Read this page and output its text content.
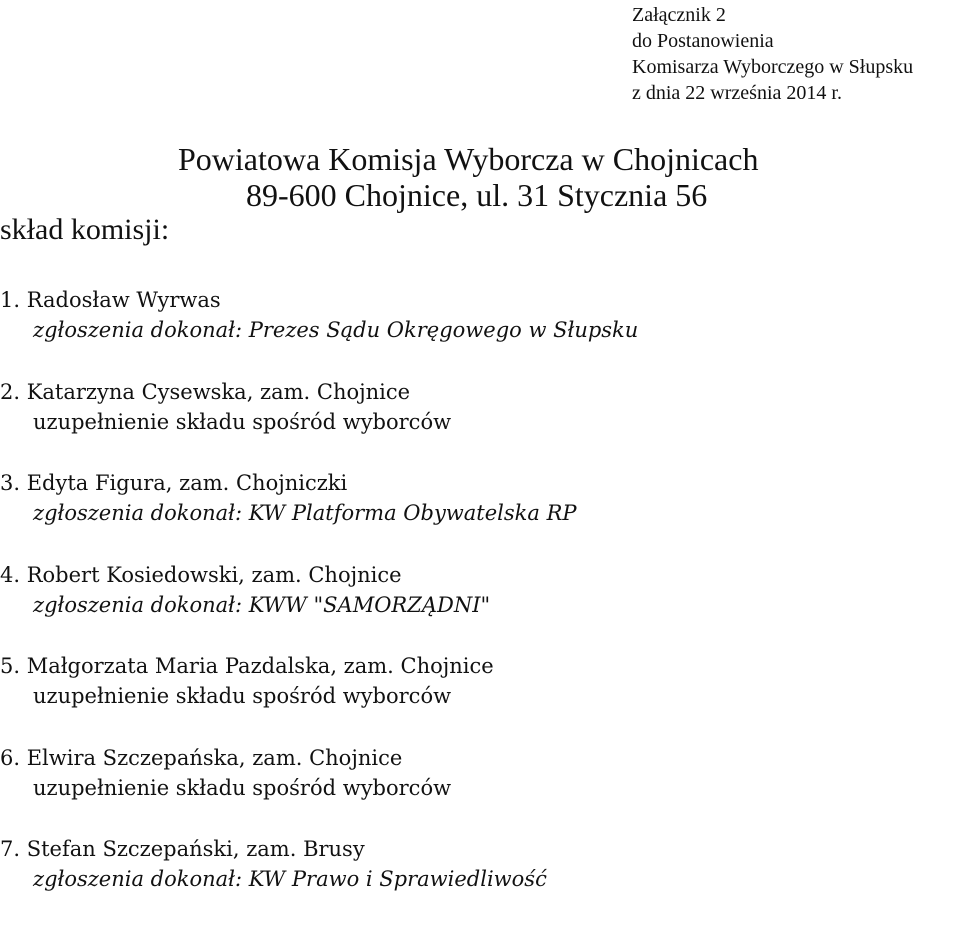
Załącznik 2
do Postanowienia
Komisarza Wyborczego w Słupsku
z dnia 22 września 2014 r.
Powiatowa Komisja Wyborcza w Chojnicach
89-600 Chojnice, ul. 31 Stycznia 56
skład komisji:
1. Radosław Wyrwas
zgłoszenia dokonał: Prezes Sądu Okręgowego w Słupsku
2. Katarzyna Cysewska, zam. Chojnice
uzupełnienie składu spośród wyborców
3. Edyta Figura, zam. Chojniczki
zgłoszenia dokonał: KW Platforma Obywatelska RP
4. Robert Kosiedowski, zam. Chojnice
zgłoszenia dokonał: KWW "SAMORZĄDNI"
5. Małgorzata Maria Pazdalska, zam. Chojnice
uzupełnienie składu spośród wyborców
6. Elwira Szczepańska, zam. Chojnice
uzupełnienie składu spośród wyborców
7. Stefan Szczepański, zam. Brusy
zgłoszenia dokonał: KW Prawo i Sprawiedliwość
